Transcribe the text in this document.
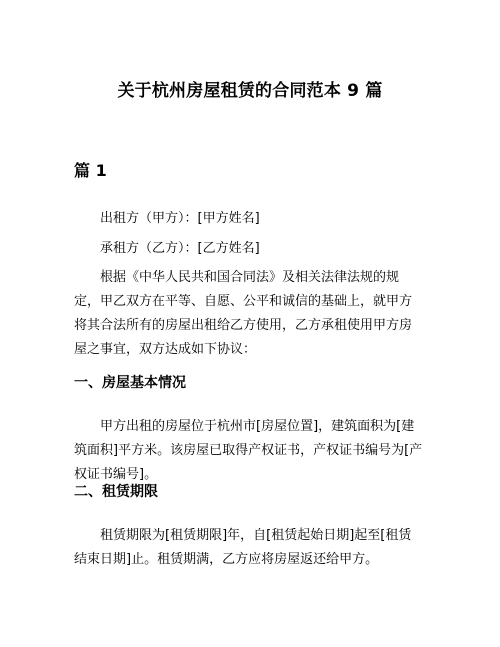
关于杭州房屋租赁的合同范本 9 篇
篇 1

出租方（甲方）：[甲方姓名]

承租方（乙方）：[乙方姓名]

根据《中华人民共和国合同法》及相关法律法规的规定，甲乙双方在平等、自愿、公平和诚信的基础上，就甲方将其合法所有的房屋出租给乙方使用，乙方承租使用甲方房屋之事宜，双方达成如下协议：

一、房屋基本情况

甲方出租的房屋位于杭州市[房屋位置]，建筑面积为[建筑面积]平方米。该房屋已取得产权证书，产权证书编号为[产权证书编号]。

二、租赁期限

租赁期限为[租赁期限]年，自[租赁起始日期]起至[租赁结束日期]止。租赁期满，乙方应将房屋返还给甲方。
